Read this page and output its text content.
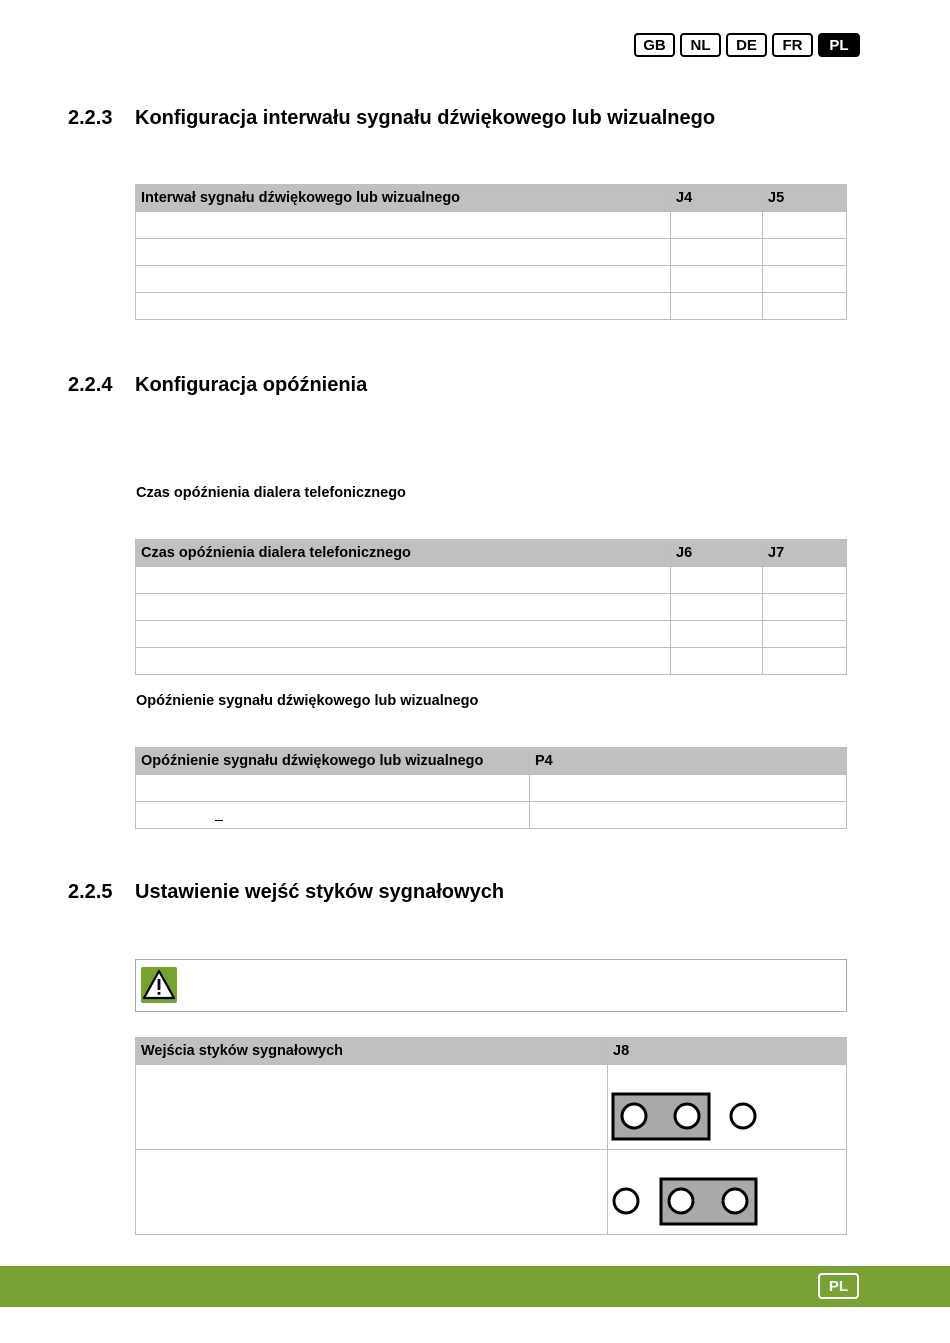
GB	NL	DE	FR	PL
2.2.3	Konfiguracja interwału sygnału dźwiękowego lub wizualnego
Interwał sygnału dźwiękowego lub wizualnego	J4	J5

2.2.4	Konfiguracja opóźnienia
Czas opóźnienia dialera telefonicznego
Czas opóźnienia dialera telefonicznego	J6	J7

Opóźnienie sygnału dźwiękowego lub wizualnego
Opóźnienie sygnału dźwiękowego lub wizualnego	P4

2.2.5	Ustawienie wejść styków sygnałowych
Wejścia styków sygnałowych	J8

PL
